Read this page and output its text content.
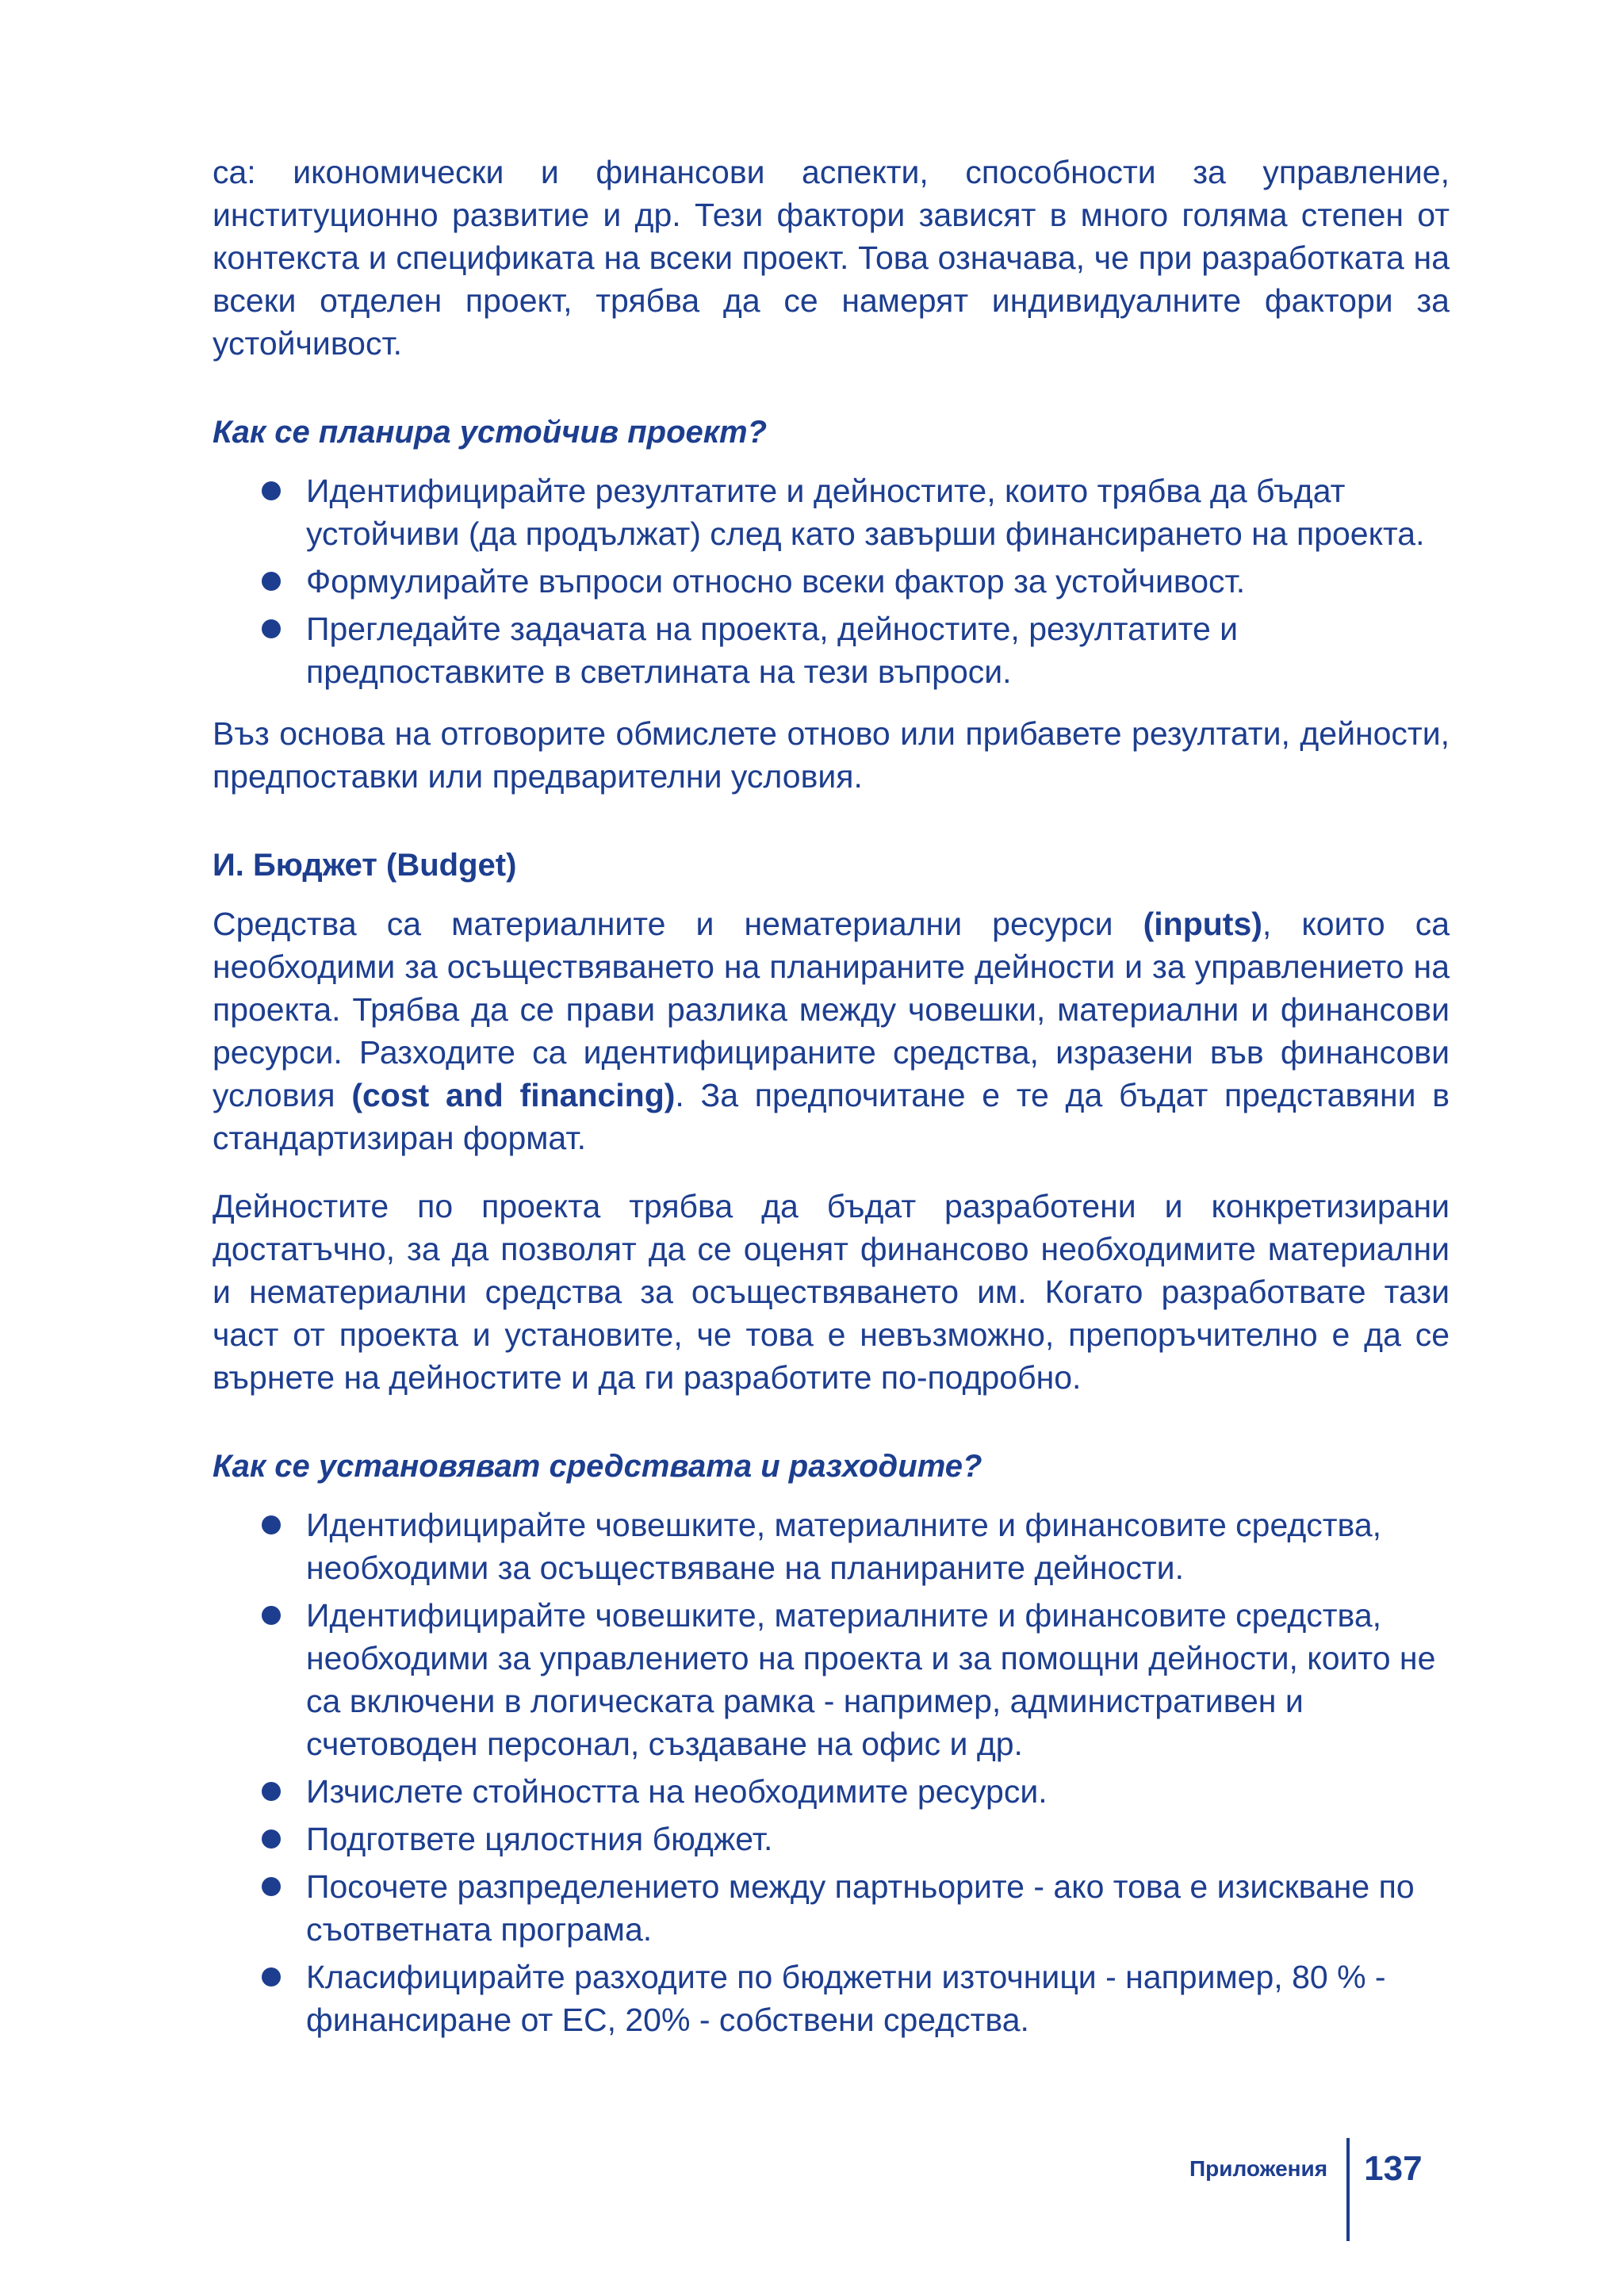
са: икономически и финансови аспекти, способности за управление, институционно развитие и др. Тези фактори зависят в много голяма степен от контекста и спецификата на всеки проект. Това означава, че при разработката на всеки отделен проект, трябва да се намерят индивидуалните фактори за устойчивост.

Как се планира устойчив проект?
Идентифицирайте резултатите и дейностите, които трябва да бъдат устойчиви (да продължат) след като завърши финансирането на проекта.
Формулирайте въпроси относно всеки фактор за устойчивост.
Прегледайте задачата на проекта, дейностите, резултатите и предпоставките в светлината на тези въпроси.

Въз основа на отговорите обмислете отново или прибавете резултати, дейности, предпоставки или предварителни условия.

И. Бюджет (Budget)

Средства са материалните и нематериални ресурси (inputs), които са необходими за осъществяването на планираните дейности и за управлението на проекта. Трябва да се прави разлика между човешки, материални и финансови ресурси. Разходите са идентифицираните средства, изразени във финансови условия (cost and financing). За предпочитане е те да бъдат представяни в стандартизиран формат.

Дейностите по проекта трябва да бъдат разработени и конкретизирани достатъчно, за да позволят да се оценят финансово необходимите материални и нематериални средства за осъществяването им. Когато разработвате тази част от проекта и установите, че това е невъзможно, препоръчително е да се върнете на дейностите и да ги разработите по-подробно.

Как се установяват средствата и разходите?
Идентифицирайте човешките, материалните и финансовите средства, необходими за осъществяване на планираните дейности.
Идентифицирайте човешките, материалните и финансовите средства, необходими за управлението на проекта и за помощни дейности, които не са включени в логическата рамка - например, административен и счетоводен персонал, създаване на офис и др.
Изчислете стойността на необходимите ресурси.
Подгответе цялостния бюджет.
Посочете разпределението между партньорите - ако това е изискване по съответната програма.
Класифицирайте разходите по бюджетни източници - например, 80 % - финансиране от ЕС, 20% - собствени средства.
Приложения 137
